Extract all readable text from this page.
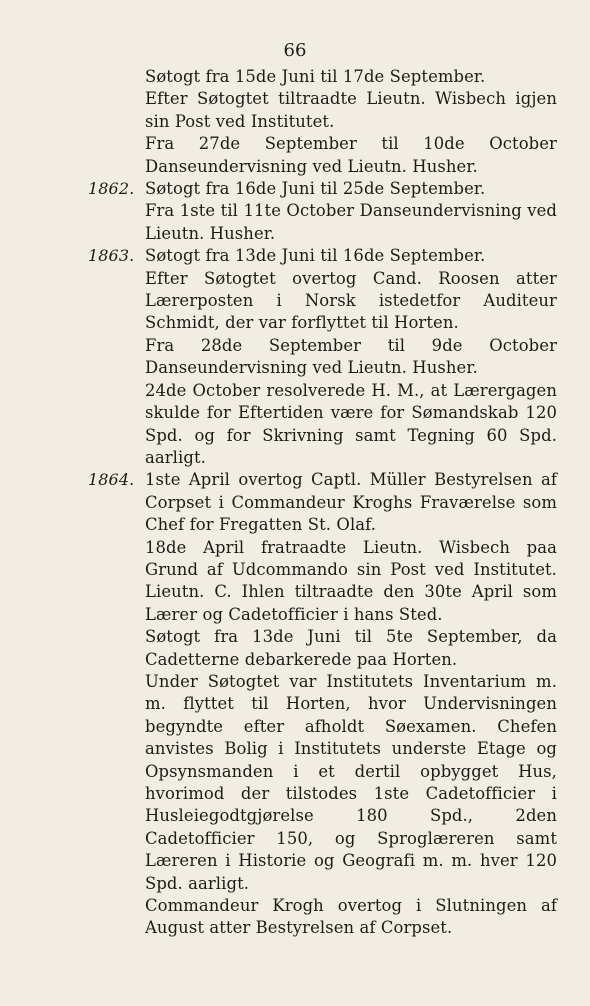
66

Søtogt fra 15de Juni til 17de September.

Efter Søtogtet tiltraadte Lieutn. Wisbech igjen sin Post ved Institutet.

Fra 27de September til 10de October Danseundervisning ved Lieutn. Husher.

1862. Søtogt fra 16de Juni til 25de September.

Fra 1ste til 11te October Danseundervisning ved Lieutn. Husher.

1863. Søtogt fra 13de Juni til 16de September.

Efter Søtogtet overtog Cand. Roosen atter Lærerposten i Norsk istedetfor Auditeur Schmidt, der var forflyttet til Horten.

Fra 28de September til 9de October Danseundervisning ved Lieutn. Husher.

24de October resolverede H. M., at Lærergagen skulde for Eftertiden være for Sømandskab 120 Spd. og for Skrivning samt Tegning 60 Spd. aarligt.

1864. 1ste April overtog Captl. Müller Bestyrelsen af Corpset i Commandeur Kroghs Fraværelse som Chef for Fregatten St. Olaf.

18de April fratraadte Lieutn. Wisbech paa Grund af Udcommando sin Post ved Institutet. Lieutn. C. Ihlen tiltraadte den 30te April som Lærer og Cadetofficier i hans Sted.

Søtogt fra 13de Juni til 5te September, da Cadetterne debarkerede paa Horten.

Under Søtogtet var Institutets Inventarium m. m. flyttet til Horten, hvor Undervisningen begyndte efter afholdt Søexamen. Chefen anvistes Bolig i Institutets underste Etage og Opsynsmanden i et dertil opbygget Hus, hvorimod der tilstodes 1ste Cadetofficier i Husleiegodtgjørelse 180 Spd., 2den Cadetofficier 150, og Sproglæreren samt Læreren i Historie og Geografi m. m. hver 120 Spd. aarligt.

Commandeur Krogh overtog i Slutningen af August atter Bestyrelsen af Corpset.
